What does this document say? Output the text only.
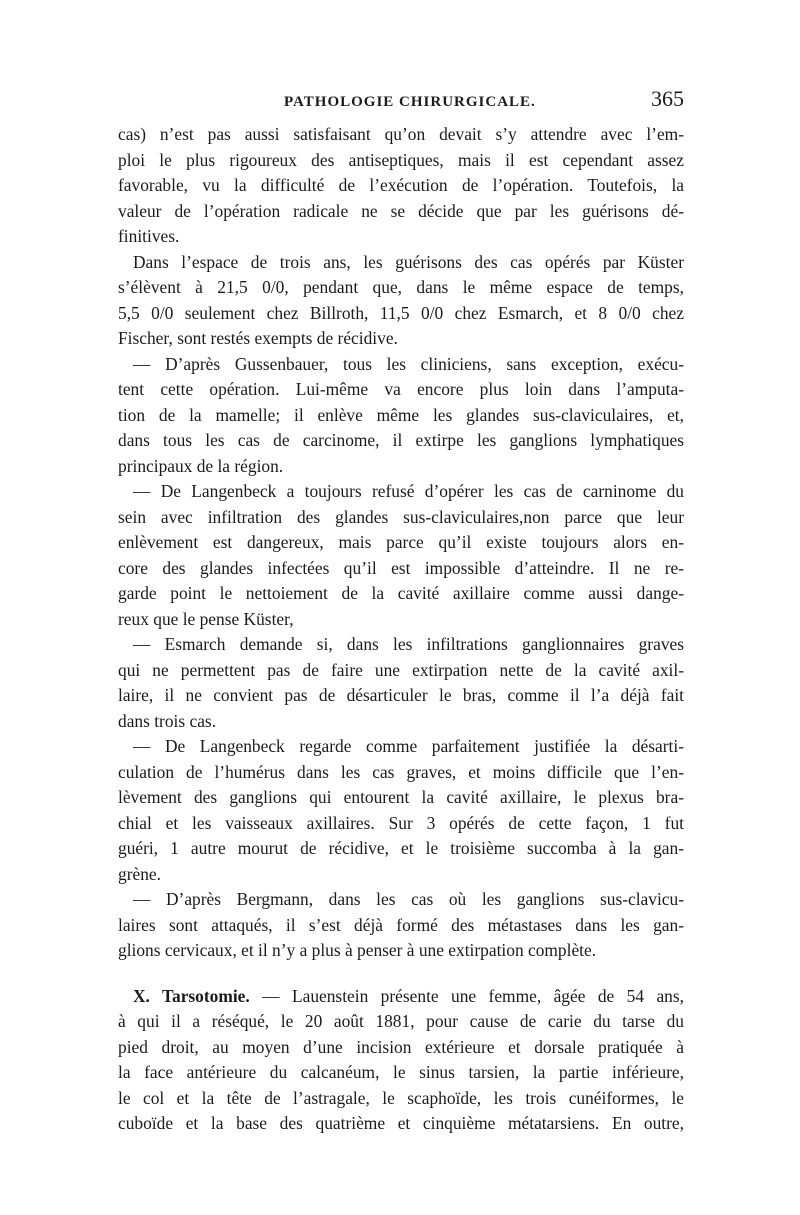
PATHOLOGIE CHIRURGICALE.	365
cas) n’est pas aussi satisfaisant qu’on devait s’y attendre avec l’em-
ploi le plus rigoureux des antiseptiques, mais il est cependant assez
favorable, vu la difficulté de l’exécution de l’opération. Toutefois, la
valeur de l’opération radicale ne se décide que par les guérisons dé-
finitives.
Dans l’espace de trois ans, les guérisons des cas opérés par Küster
s’élèvent à 21,5 0/0, pendant que, dans le même espace de temps,
5,5 0/0 seulement chez Billroth, 11,5 0/0 chez Esmarch, et 8 0/0 chez
Fischer, sont restés exempts de récidive.
— D’après Gussenbauer, tous les cliniciens, sans exception, exécu-
tent cette opération. Lui-même va encore plus loin dans l’amputa-
tion de la mamelle; il enlève même les glandes sus-claviculaires, et,
dans tous les cas de carcinome, il extirpe les ganglions lymphatiques
principaux de la région.
— De Langenbeck a toujours refusé d’opérer les cas de carninome du
sein avec infiltration des glandes sus-claviculaires,non parce que leur
enlèvement est dangereux, mais parce qu’il existe toujours alors en-
core des glandes infectées qu’il est impossible d’atteindre. Il ne re-
garde point le nettoiement de la cavité axillaire comme aussi dange-
reux que le pense Küster,
— Esmarch demande si, dans les infiltrations ganglionnaires graves
qui ne permettent pas de faire une extirpation nette de la cavité axil-
laire, il ne convient pas de désarticuler le bras, comme il l’a déjà fait
dans trois cas.
— De Langenbeck regarde comme parfaitement justifiée la désarti-
culation de l’humérus dans les cas graves, et moins difficile que l’en-
lèvement des ganglions qui entourent la cavité axillaire, le plexus bra-
chial et les vaisseaux axillaires. Sur 3 opérés de cette façon, 1 fut
guéri, 1 autre mourut de récidive, et le troisième succomba à la gan-
grène.
— D’après Bergmann, dans les cas où les ganglions sus-clavicu-
laires sont attaqués, il s’est déjà formé des métastases dans les gan-
glions cervicaux, et il n’y a plus à penser à une extirpation complète.
X. Tarsotomie. — Lauenstein présente une femme, âgée de 54 ans,
à qui il a réséqué, le 20 août 1881, pour cause de carie du tarse du
pied droit, au moyen d’une incision extérieure et dorsale pratiquée à
la face antérieure du calcanéum, le sinus tarsien, la partie inférieure,
le col et la tête de l’astragale, le scaphoïde, les trois cunéiformes, le
cuboïde et la base des quatrième et cinquième métatarsiens. En outre,
